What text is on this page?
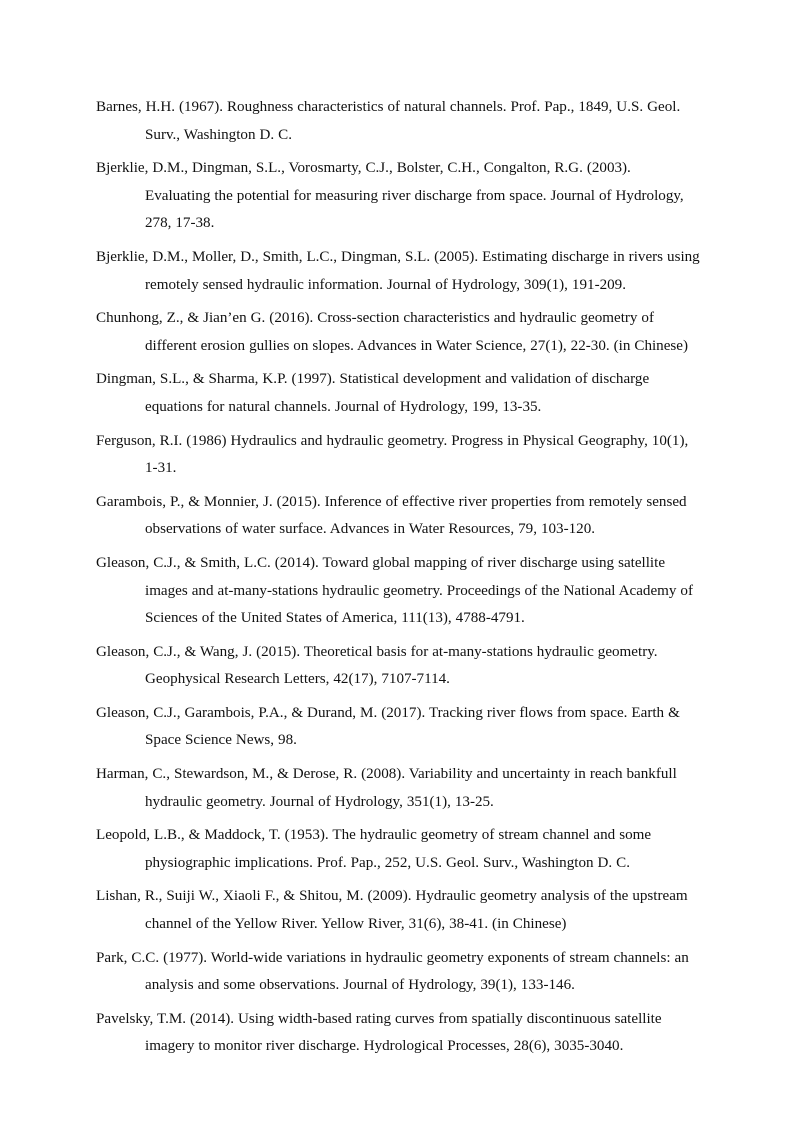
Barnes, H.H. (1967). Roughness characteristics of natural channels. Prof. Pap., 1849, U.S. Geol. Surv., Washington D. C.
Bjerklie, D.M., Dingman, S.L., Vorosmarty, C.J., Bolster, C.H., Congalton, R.G. (2003). Evaluating the potential for measuring river discharge from space. Journal of Hydrology, 278, 17-38.
Bjerklie, D.M., Moller, D., Smith, L.C., Dingman, S.L. (2005). Estimating discharge in rivers using remotely sensed hydraulic information. Journal of Hydrology, 309(1), 191-209.
Chunhong, Z., & Jian’en G. (2016). Cross-section characteristics and hydraulic geometry of different erosion gullies on slopes. Advances in Water Science, 27(1), 22-30. (in Chinese)
Dingman, S.L., & Sharma, K.P. (1997). Statistical development and validation of discharge equations for natural channels. Journal of Hydrology, 199, 13-35.
Ferguson, R.I. (1986) Hydraulics and hydraulic geometry. Progress in Physical Geography, 10(1), 1-31.
Garambois, P., & Monnier, J. (2015). Inference of effective river properties from remotely sensed observations of water surface. Advances in Water Resources, 79, 103-120.
Gleason, C.J., & Smith, L.C. (2014). Toward global mapping of river discharge using satellite images and at-many-stations hydraulic geometry. Proceedings of the National Academy of Sciences of the United States of America, 111(13), 4788-4791.
Gleason, C.J., & Wang, J. (2015). Theoretical basis for at-many-stations hydraulic geometry. Geophysical Research Letters, 42(17), 7107-7114.
Gleason, C.J., Garambois, P.A., & Durand, M. (2017). Tracking river flows from space. Earth & Space Science News, 98.
Harman, C., Stewardson, M., & Derose, R. (2008). Variability and uncertainty in reach bankfull hydraulic geometry. Journal of Hydrology, 351(1), 13-25.
Leopold, L.B., & Maddock, T. (1953). The hydraulic geometry of stream channel and some physiographic implications. Prof. Pap., 252, U.S. Geol. Surv., Washington D. C.
Lishan, R., Suiji W., Xiaoli F., & Shitou, M. (2009). Hydraulic geometry analysis of the upstream channel of the Yellow River. Yellow River, 31(6), 38-41. (in Chinese)
Park, C.C. (1977). World-wide variations in hydraulic geometry exponents of stream channels: an analysis and some observations. Journal of Hydrology, 39(1), 133-146.
Pavelsky, T.M. (2014). Using width-based rating curves from spatially discontinuous satellite imagery to monitor river discharge. Hydrological Processes, 28(6), 3035-3040.
